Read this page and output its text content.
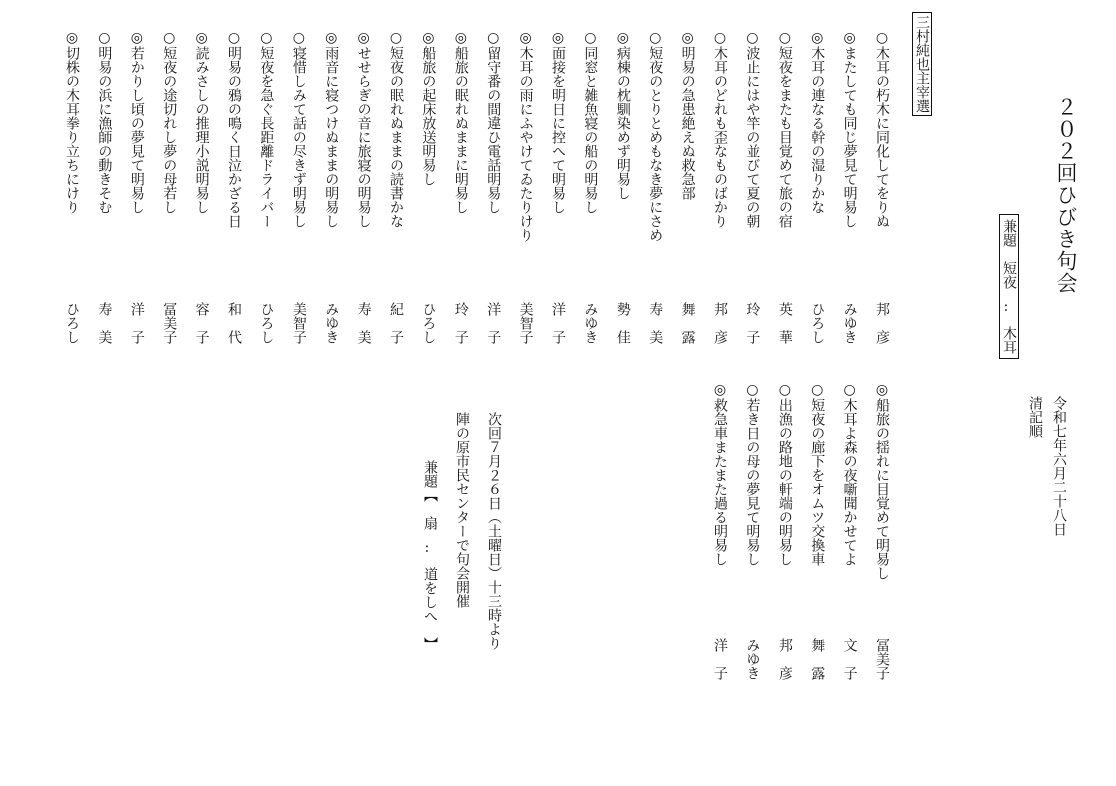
２０２回ひびき句会
令和七年六月二十八日
清記順
兼題　短夜　‥　木耳
三村純也主宰選
○木耳の朽木に同化してをりぬ
邦　彦
◎またしても同じ夢見て明易し
みゆき
◎木耳の連なる幹の湿りかな
ひろし
○短夜をまたも目覚めて旅の宿
英　華
○波止にはや竿の並びて夏の朝
玲　子
○木耳のどれも歪なものばかり
邦　彦
◎明易の急患絶えぬ救急部
舞　露
○短夜のとりとめもなき夢にさめ
寿　美
◎病棟の枕馴染めず明易し
勢　佳
○同窓と雑魚寝の船の明易し
みゆき
◎面接を明日に控へて明易し
洋　子
◎木耳の雨にふやけてゐたりけり
美智子
○留守番の間違ひ電話明易し
洋　子
◎船旅の眠れぬままに明易し
玲　子
◎船旅の起床放送明易し
ひろし
○短夜の眠れぬままの読書かな
紀　子
◎せせらぎの音に旅寝の明易し
寿　美
◎雨音に寝つけぬままの明易し
みゆき
○寝惜しみて話の尽きず明易し
美智子
○短夜を急ぐ長距離ドライバー
ひろし
○明易の鴉の鳴く日泣かざる日
和　代
◎読みさしの推理小説明易し
容　子
○短夜の途切れし夢の母若し
冨美子
◎若かりし頃の夢見て明易し
洋　子
○明易の浜に漁師の動きそむ
寿　美
◎切株の木耳拳り立ちにけり
ひろし
◎船旅の揺れに目覚めて明易し
冨美子
○木耳よ森の夜噺聞かせてよ
文　子
○短夜の廊下をオムツ交換車
舞　露
○出漁の路地の軒端の明易し
邦　彦
○若き日の母の夢見て明易し
みゆき
◎救急車またまた過る明易し
洋　子
次回７月２６日（土曜日）十三時より
陣の原市民センターで句会開催
兼題【　扇　‥　道をしへ　】
